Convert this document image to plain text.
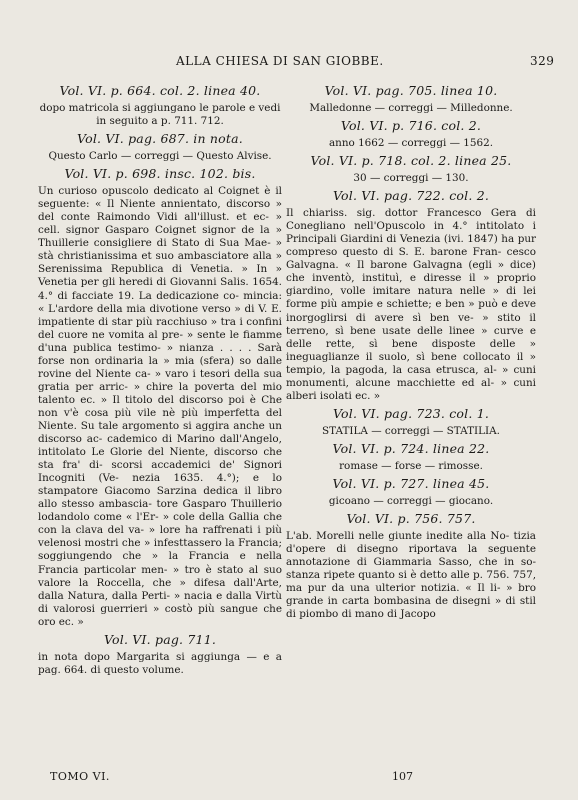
ALLA CHIESA DI SAN GIOBBE.	329
Vol. VI. p. 664. col. 2. linea 40.
dopo matricola si aggiungano le parole e vedi in seguito a p. 711. 712.
Vol. VI. pag. 687. in nota.
Questo Carlo — correggi — Questo Alvise.
Vol. VI. p. 698. insc. 102. bis.
Un curioso opuscolo dedicato al Coignet è il seguente: « Il Niente annientato, discorso » del conte Raimondo Vidi all'illust. et ec- » cell. signor Gasparo Coignet signor de la » Thuillerie consigliere di Stato di Sua Mae- » stà christianissima et suo ambasciatore alla » Serenissima Republica di Venetia. » In » Venetia per gli heredi di Giovanni Salis. 1654. 4.° di facciate 19. La dedicazione co- mincia: « L'ardore della mia divotione verso » di V. E. impatiente di star più racchiuso » tra i confini del cuore ne vomita al pre- » sente le fiamme d'una publica testimo- » nianza . . . . Sarà forse non ordinaria la » mia (sfera) so dalle rovine del Niente ca- » varo i tesori della sua gratia per arric- » chire la poverta del mio talento ec. » Il titolo del discorso poi è Che non v'è cosa più vile nè più imperfetta del Niente. Su tale argomento si aggira anche un discorso ac- cademico di Marino dall'Angelo, intitolato Le Glorie del Niente, discorso che sta fra' di- scorsi accademici de' Signori Incogniti (Ve- nezia 1635. 4.°); e lo stampatore Giacomo Sarzina dedica il libro allo stesso ambascia- tore Gasparo Thuillerio lodandolo come « l'Er- » cole della Gallia che con la clava del va- » lore ha raffrenati i più velenosi mostri che » infesttassero la Francia; soggiungendo che » la Francia e nella Francia particolar men- » tro è stato al suo valore la Roccella, che » difesa dall'Arte, dalla Natura, dalla Perti- » nacia e dalla Virtù di valorosi guerrieri » costò più sangue che oro ec. »
Vol. VI. pag. 711.
in nota dopo Margarita si aggiunga — e a pag. 664. di questo volume.
Vol. VI. pag. 705. linea 10.
Malledonne — correggi — Milledonne.
Vol. VI. p. 716. col. 2.
anno 1662 — correggi — 1562.
Vol. VI. p. 718. col. 2. linea 25.
30 — correggi — 130.
Vol. VI. pag. 722. col. 2.
Il chiariss. sig. dottor Francesco Gera di Conegliano nell'Opuscolo in 4.° intitolato i Principali Giardini di Venezia (ivi. 1847) ha pur compreso questo di S. E. barone Fran- cesco Galvagna. « Il barone Galvagna (egli » dice) che inventò, instituì, e diresse il » proprio giardino, volle imitare natura nelle » di lei forme più ampie e schiette; e ben » può e deve inorgoglirsi di avere sì ben ve- » stito il terreno, sì bene usate delle linee » curve e delle rette, sì bene disposte delle » ineguaglianze il suolo, sì bene collocato il » tempio, la pagoda, la casa etrusca, al- » cuni monumenti, alcune macchiette ed al- » cuni alberi isolati ec. »
Vol. VI. pag. 723. col. 1.
STATILA — correggi — STATILIA.
Vol. VI. p. 724. linea 22.
romase — forse — rimosse.
Vol. VI. p. 727. linea 45.
gicoano — correggi — giocano.
Vol. VI. p. 756. 757.
L'ab. Morelli nelle giunte inedite alla No- tizia d'opere di disegno riportava la seguente annotazione di Giammaria Sasso, che in so- stanza ripete quanto si è detto alle p. 756. 757, ma pur da una ulterior notizia. « Il li- » bro grande in carta bombasina de disegni » di stil di piombo di mano di Jacopo
TOMO VI.	107
